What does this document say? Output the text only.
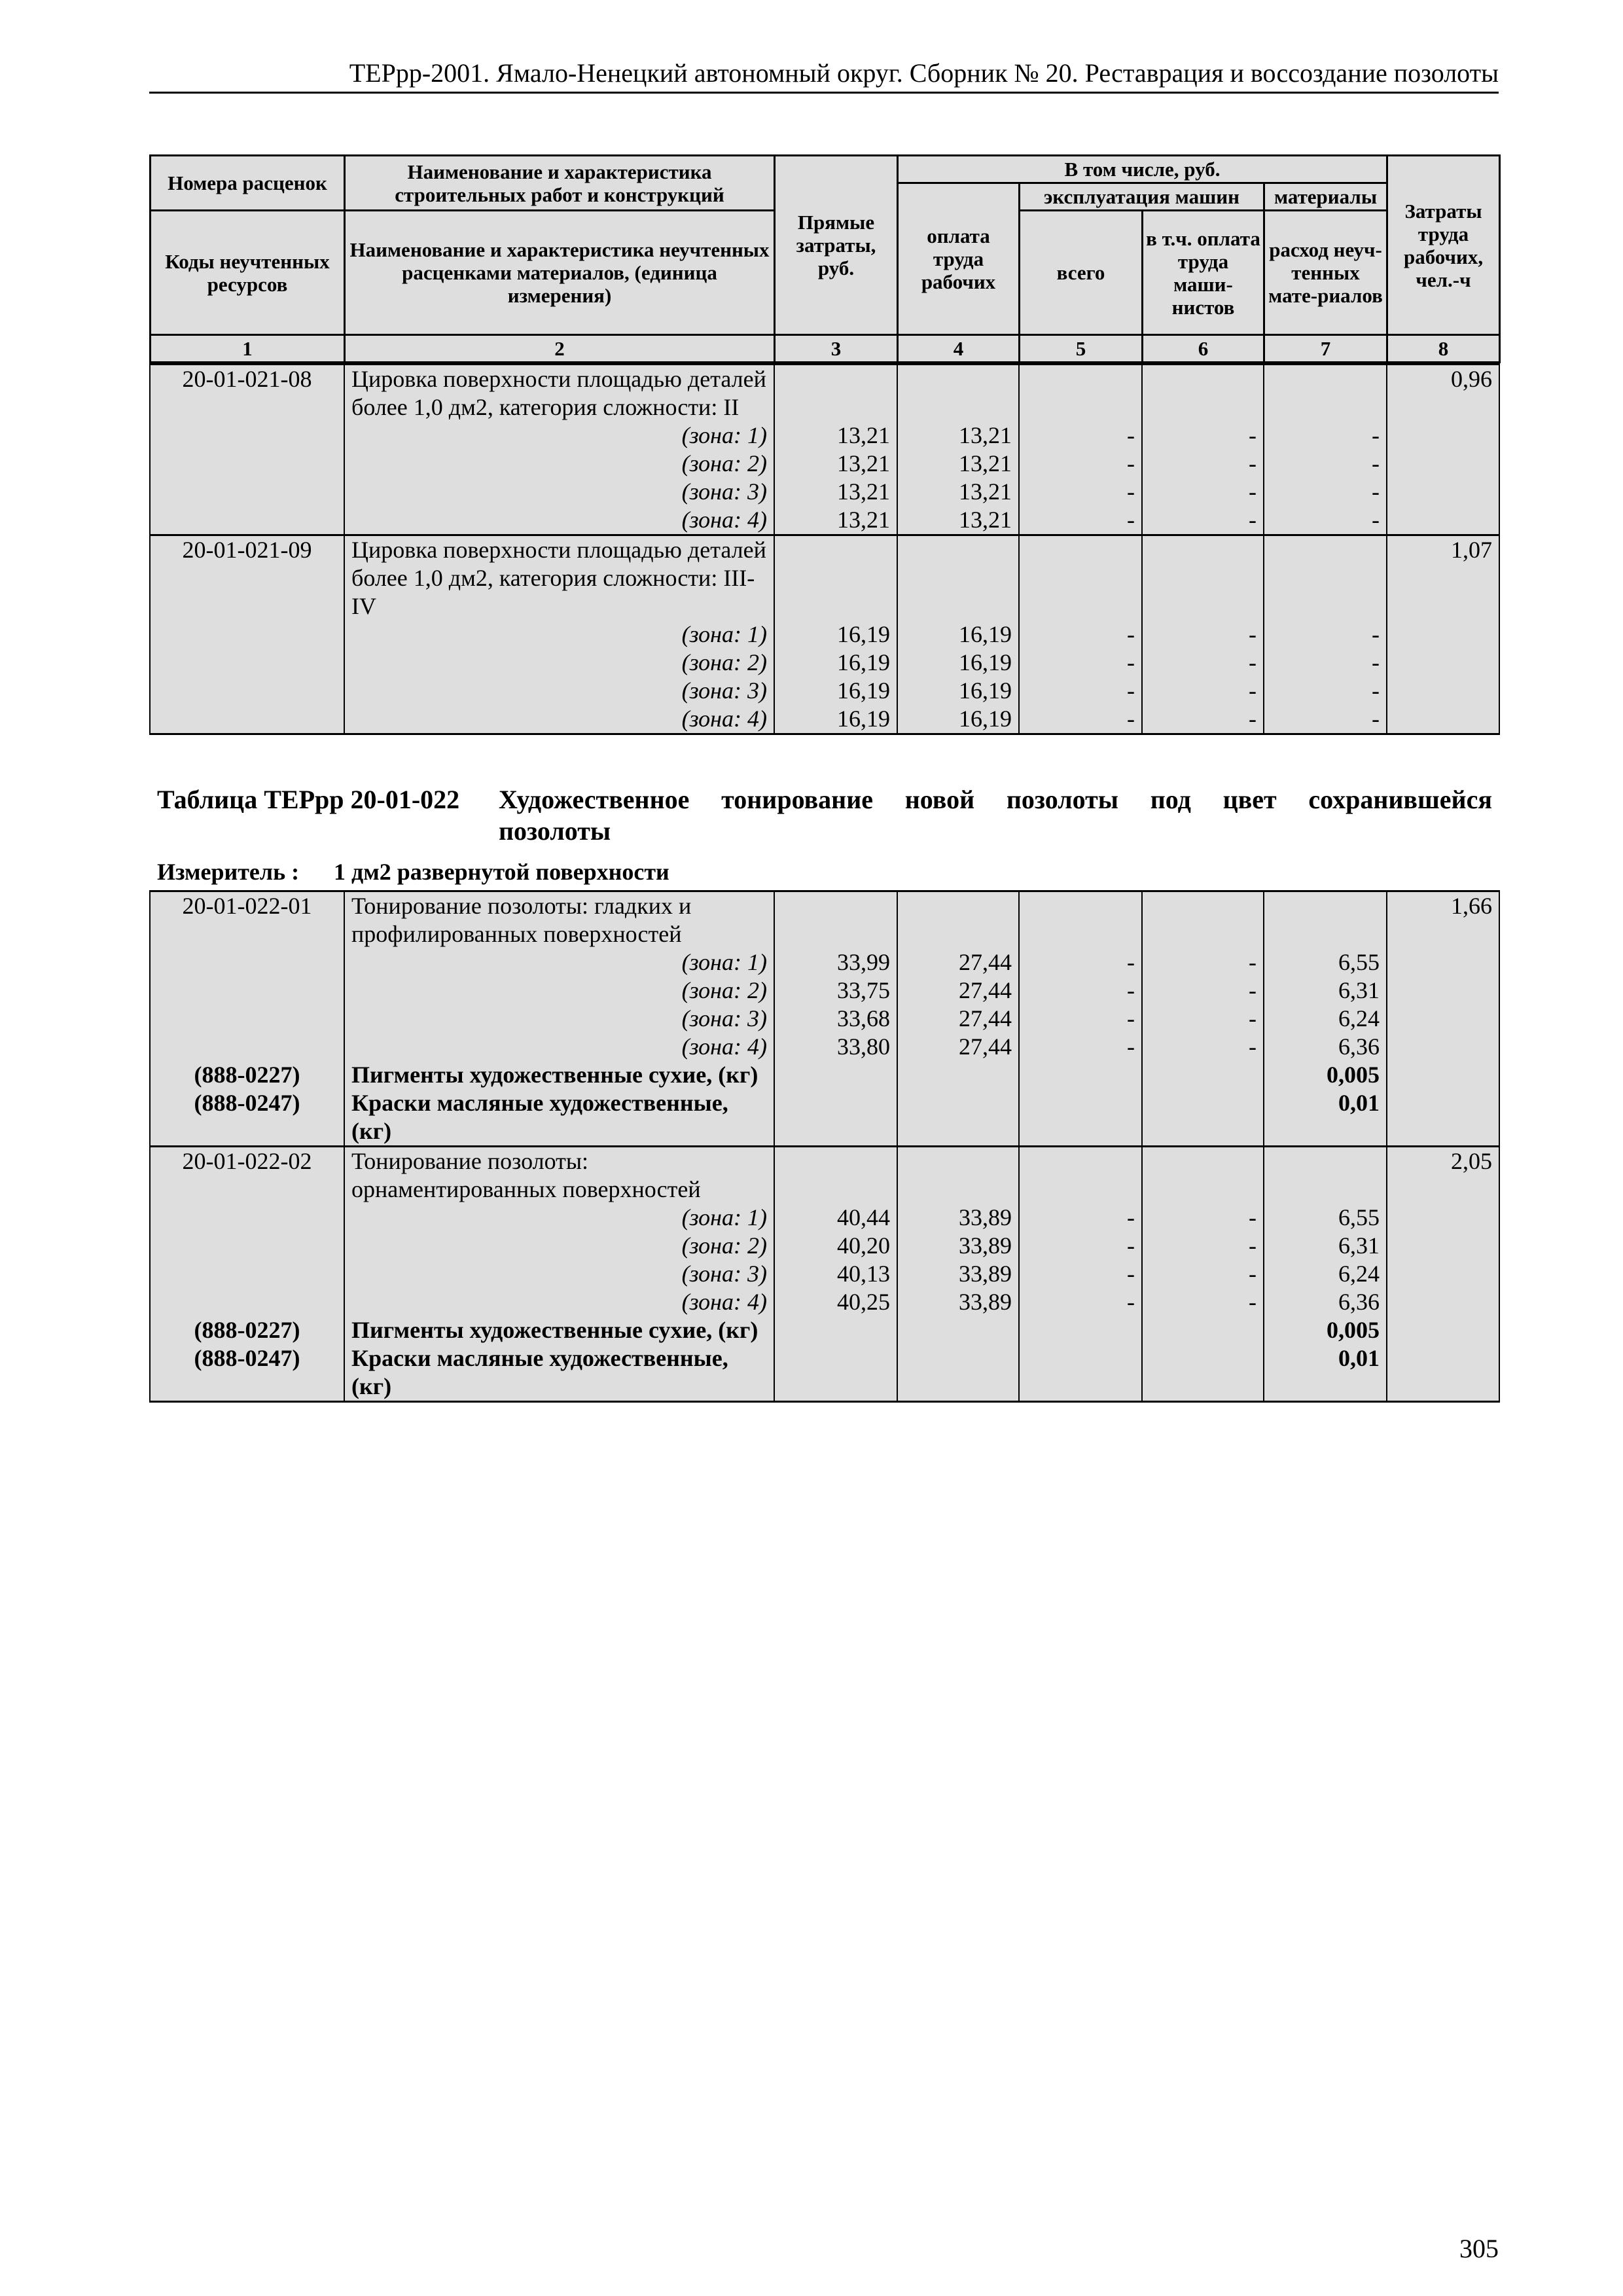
ТЕРрр-2001. Ямало-Ненецкий автономный округ. Сборник № 20. Реставрация и воссоздание позолоты
Номера расценок	Наименование и характеристика строительных работ и конструкций	Прямые затраты, руб.	В том числе, руб.				Затраты труда рабочих, чел.-ч
			оплата труда рабочих	эксплуатация машин		материалы	
Коды неучтенных ресурсов	Наименование и характеристика неучтенных расценками материалов, (единица измерения)			всего	в т.ч. оплата труда маши-нистов	расход неуч-тенных мате-риалов	

1	2	3	4	5	6	7	8
20-01-021-08	Цировка поверхности площадью деталей более 1,0 дм2, категория сложности: II						0,96
	(зона: 1)	13,21	13,21	-	-	-	
	(зона: 2)	13,21	13,21	-	-	-	
	(зона: 3)	13,21	13,21	-	-	-	
	(зона: 4)	13,21	13,21	-	-	-	
20-01-021-09	Цировка поверхности площадью деталей более 1,0 дм2, категория сложности: III-IV						1,07
	(зона: 1)	16,19	16,19	-	-	-	
	(зона: 2)	16,19	16,19	-	-	-	
	(зона: 3)	16,19	16,19	-	-	-	
	(зона: 4)	16,19	16,19	-	-	-	
Таблица ТЕРрр 20-01-022 Художественное тонирование новой позолоты под цвет сохранившейся
позолоты
Измеритель : 1 дм2 развернутой поверхности
20-01-022-01	Тонирование позолоты: гладких и профилированных поверхностей						1,66
	(зона: 1)	33,99	27,44	-	-	6,55	
	(зона: 2)	33,75	27,44	-	-	6,31	
	(зона: 3)	33,68	27,44	-	-	6,24	
	(зона: 4)	33,80	27,44	-	-	6,36	
(888-0227)	Пигменты художественные сухие, (кг)					0,005	
(888-0247)	Краски масляные художественные, (кг)					0,01	
20-01-022-02	Тонирование позолоты: орнаментированных поверхностей						2,05
	(зона: 1)	40,44	33,89	-	-	6,55	
	(зона: 2)	40,20	33,89	-	-	6,31	
	(зона: 3)	40,13	33,89	-	-	6,24	
	(зона: 4)	40,25	33,89	-	-	6,36	
(888-0227)	Пигменты художественные сухие, (кг)					0,005	
(888-0247)	Краски масляные художественные, (кг)					0,01	
305
